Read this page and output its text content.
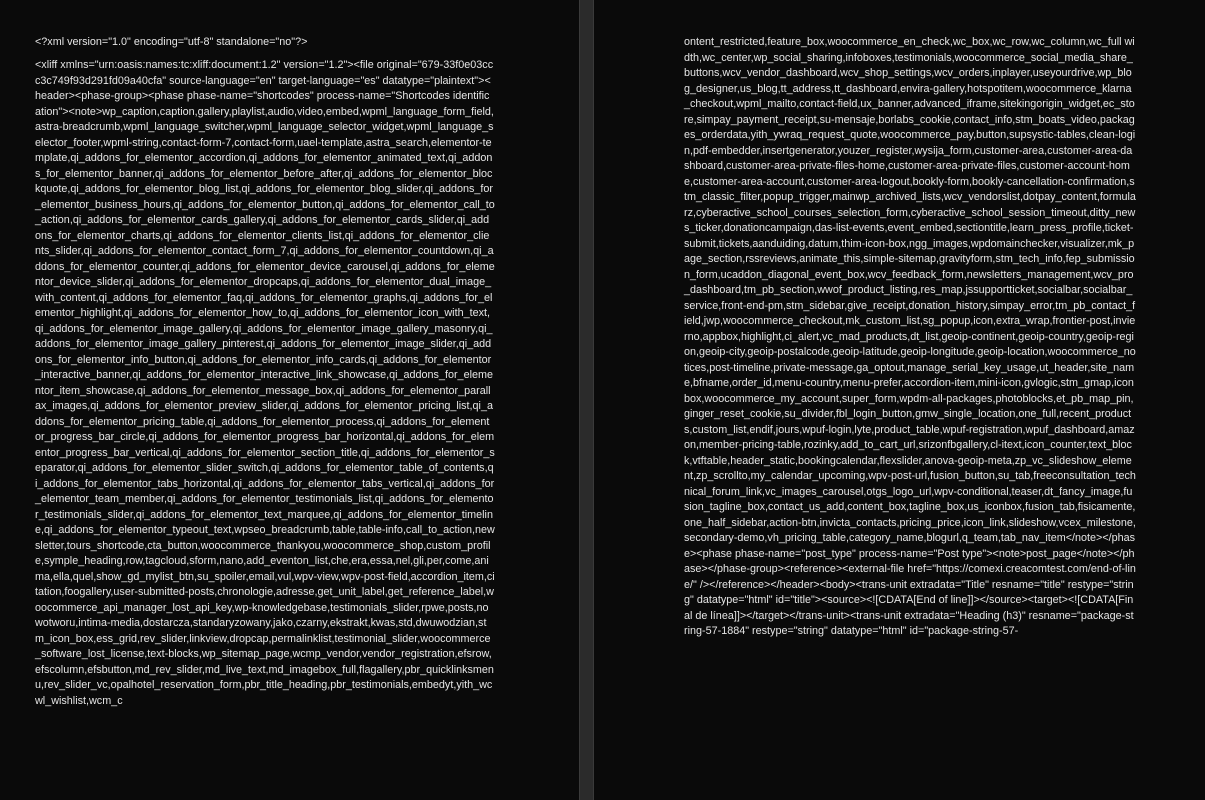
<?xml version="1.0" encoding="utf-8" standalone="no"?>

<xliff xmlns="urn:oasis:names:tc:xliff:document:1.2" version="1.2"><file original="679-33f0e03ccc3c749f93d291fd09a40cfa" source-language="en" target-language="es" datatype="plaintext"><header><phase-group><phase phase-name="shortcodes" process-name="Shortcodes identification"><note>wp_caption,caption,gallery,playlist,audio,video,embed,wpml_language_form_field,astra-breadcrumb,wpml_language_switcher,wpml_language_selector_widget,wpml_language_selector_footer,wpml-string,contact-form-7,contact-form,uael-template,astra_search,elementor-template,qi_addons_for_elementor_accordion,qi_addons_for_elementor_animated_text,qi_addons_for_elementor_banner,qi_addons_for_elementor_before_after,qi_addons_for_elementor_blockquote,qi_addons_for_elementor_blog_list,qi_addons_for_elementor_blog_slider,qi_addons_for_elementor_business_hours,qi_addons_for_elementor_button,qi_addons_for_elementor_call_to_action,qi_addons_for_elementor_cards_gallery,qi_addons_for_elementor_cards_slider,qi_addons_for_elementor_charts,qi_addons_for_elementor_clients_list,qi_addons_for_elementor_clients_slider,qi_addons_for_elementor_contact_form_7,qi_addons_for_elementor_countdown,qi_addons_for_elementor_counter,qi_addons_for_elementor_device_carousel,qi_addons_for_elementor_device_slider,qi_addons_for_elementor_dropcaps,qi_addons_for_elementor_dual_image_with_content,qi_addons_for_elementor_faq,qi_addons_for_elementor_graphs,qi_addons_for_elementor_highlight,qi_addons_for_elementor_how_to,qi_addons_for_elementor_icon_with_text,qi_addons_for_elementor_image_gallery,qi_addons_for_elementor_image_gallery_masonry,qi_addons_for_elementor_image_gallery_pinterest,qi_addons_for_elementor_image_slider,qi_addons_for_elementor_info_button,qi_addons_for_elementor_info_cards,qi_addons_for_elementor_interactive_banner,qi_addons_for_elementor_interactive_link_showcase,qi_addons_for_elementor_item_showcase,qi_addons_for_elementor_message_box,qi_addons_for_elementor_parallax_images,qi_addons_for_elementor_preview_slider,qi_addons_for_elementor_pricing_list,qi_addons_for_elementor_pricing_table,qi_addons_for_elementor_process,qi_addons_for_elementor_progress_bar_circle,qi_addons_for_elementor_progress_bar_horizontal,qi_addons_for_elementor_progress_bar_vertical,qi_addons_for_elementor_section_title,qi_addons_for_elementor_separator,qi_addons_for_elementor_slider_switch,qi_addons_for_elementor_table_of_contents,qi_addons_for_elementor_tabs_horizontal,qi_addons_for_elementor_tabs_vertical,qi_addons_for_elementor_team_member,qi_addons_for_elementor_testimonials_list,qi_addons_for_elementor_testimonials_slider,qi_addons_for_elementor_text_marquee,qi_addons_for_elementor_timeline,qi_addons_for_elementor_typeout_text,wpseo_breadcrumb,table,table-info,call_to_action,newsletter,tours_shortcode,cta_button,woocommerce_thankyou,woocommerce_shop,custom_profile,symple_heading,row,tagcloud,sform,nano,add_eventon_list,che,era,essa,nel,gli,per,come,anima,ella,quel,show_gd_mylist_btn,su_spoiler,email,vul,wpv-view,wpv-post-field,accordion_item,citation,foogallery,user-submitted-posts,chronologie,adresse,get_unit_label,get_reference_label,woocommerce_api_manager_lost_api_key,wp-knowledgebase,testimonials_slider,rpwe,posts,nowotworu,intima-media,dostarcza,standaryzowany,jako,czarny,ekstrakt,kwas,std,dwuwodzian,stm_icon_box,ess_grid,rev_slider,linkview,dropcap,permalinklist,testimonial_slider,woocommerce_software_lost_license,text-blocks,wp_sitemap_page,wcmp_vendor,vendor_registration,efsrow,efscolumn,efsbutton,md_rev_slider,md_live_text,md_imagebox_full,flagallery,pbr_quicklinksmenu,rev_slider_vc,opalhotel_reservation_form,pbr_title_heading,pbr_testimonials,embedyt,yith_wcwl_wishlist,wcm_c

ontent_restricted,feature_box,woocommerce_en_check,wc_box,wc_row,wc_column,wc_full width,wc_center,wp_social_sharing,infoboxes,testimonials,woocommerce_social_media_share_buttons,wcv_vendor_dashboard,wcv_shop_settings,wcv_orders,inplayer,useyourdrive,wp_blog_designer,us_blog,tt_address,tt_dashboard,envira-gallery,hotspotitem,woocommerce_klarna_checkout,wpml_mailto,contact-field,ux_banner,advanced_iframe,sitekingorigin_widget,ec_store,simpay_payment_receipt,su-mensaje,borlabs_cookie,contact_info,stm_boats_video,packages_orderdata,yith_ywraq_request_quote,woocommerce_pay,button,supsystic-tables,clean-login,pdf-embedder,insertgenerator,youzer_register,wysija_form,customer-area,customer-area-dashboard,customer-area-private-files-home,customer-area-private-files,customer-account-home,customer-area-account,customer-area-logout,bookly-form,bookly-cancellation-confirmation,stm_classic_filter,popup_trigger,mainwp_archived_lists,wcv_vendorslist,dotpay_content,formularz,cyberactive_school_courses_selection_form,cyberactive_school_session_timeout,ditty_news_ticker,donationcampaign,das-list-events,event_embed,sectiontitle,learn_press_profile,ticket-submit,tickets,aanduiding,datum,thim-icon-box,ngg_images,wpdomainchecker,visualizer,mk_page_section,rssreviews,animate_this,simple-sitemap,gravityform,stm_tech_info,fep_submission_form,ucaddon_diagonal_event_box,wcv_feedback_form,newsletters_management,wcv_pro_dashboard,tm_pb_section,wwof_product_listing,res_map,jssupportticket,socialbar,socialbar_service,front-end-pm,stm_sidebar,give_receipt,donation_history,simpay_error,tm_pb_contact_field,jwp,woocommerce_checkout,mk_custom_list,sg_popup,icon,extra_wrap,frontier-post,invierno,appbox,highlight,ci_alert,vc_mad_products,dt_list,geoip-continent,geoip-country,geoip-region,geoip-city,geoip-postalcode,geoip-latitude,geoip-longitude,geoip-location,woocommerce_notices,post-timeline,private-message,ga_optout,manage_serial_key_usage,ut_header,site_name,bfname,order_id,menu-country,menu-prefer,accordion-item,mini-icon,gvlogic,stm_gmap,iconbox,woocommerce_my_account,super_form,wpdm-all-packages,photoblocks,et_pb_map_pin,ginger_reset_cookie,su_divider,fbl_login_button,gmw_single_location,one_full,recent_products,custom_list,endif,jours,wpuf-login,lyte,product_table,wpuf-registration,wpuf_dashboard,amazon,member-pricing-table,rozinky,add_to_cart_url,srizonfbgallery,cl-itext,icon_counter,text_block,vtftable,header_static,bookingcalendar,flexslider,anova-geoip-meta,zp_vc_slideshow_element,zp_scrollto,my_calendar_upcoming,wpv-post-url,fusion_button,su_tab,freeconsultation_technical_forum_link,vc_images_carousel,otgs_logo_url,wpv-conditional,teaser,dt_fancy_image,fusion_tagline_box,contact_us_add,content_box,tagline_box,us_iconbox,fusion_tab,fisicamente,one_half_sidebar,action-btn,invicta_contacts,pricing_price,icon_link,slideshow,vcex_milestone,secondary-demo,vh_pricing_table,category_name,blogurl,q_team,tab_nav_item</note></phase><phase phase-name="post_type" process-name="Post type"><note>post_page</note></phase></phase-group><reference><external-file href="https://comexi.creacomtest.com/end-of-line/" /></reference></header><body><trans-unit extradata="Title" resname="title" restype="string" datatype="html" id="title"><source><![CDATA[End of line]]></source><target><![CDATA[Final de línea]]></target></trans-unit><trans-unit extradata="Heading (h3)" resname="package-string-57-1884" restype="string" datatype="html" id="package-string-57-
